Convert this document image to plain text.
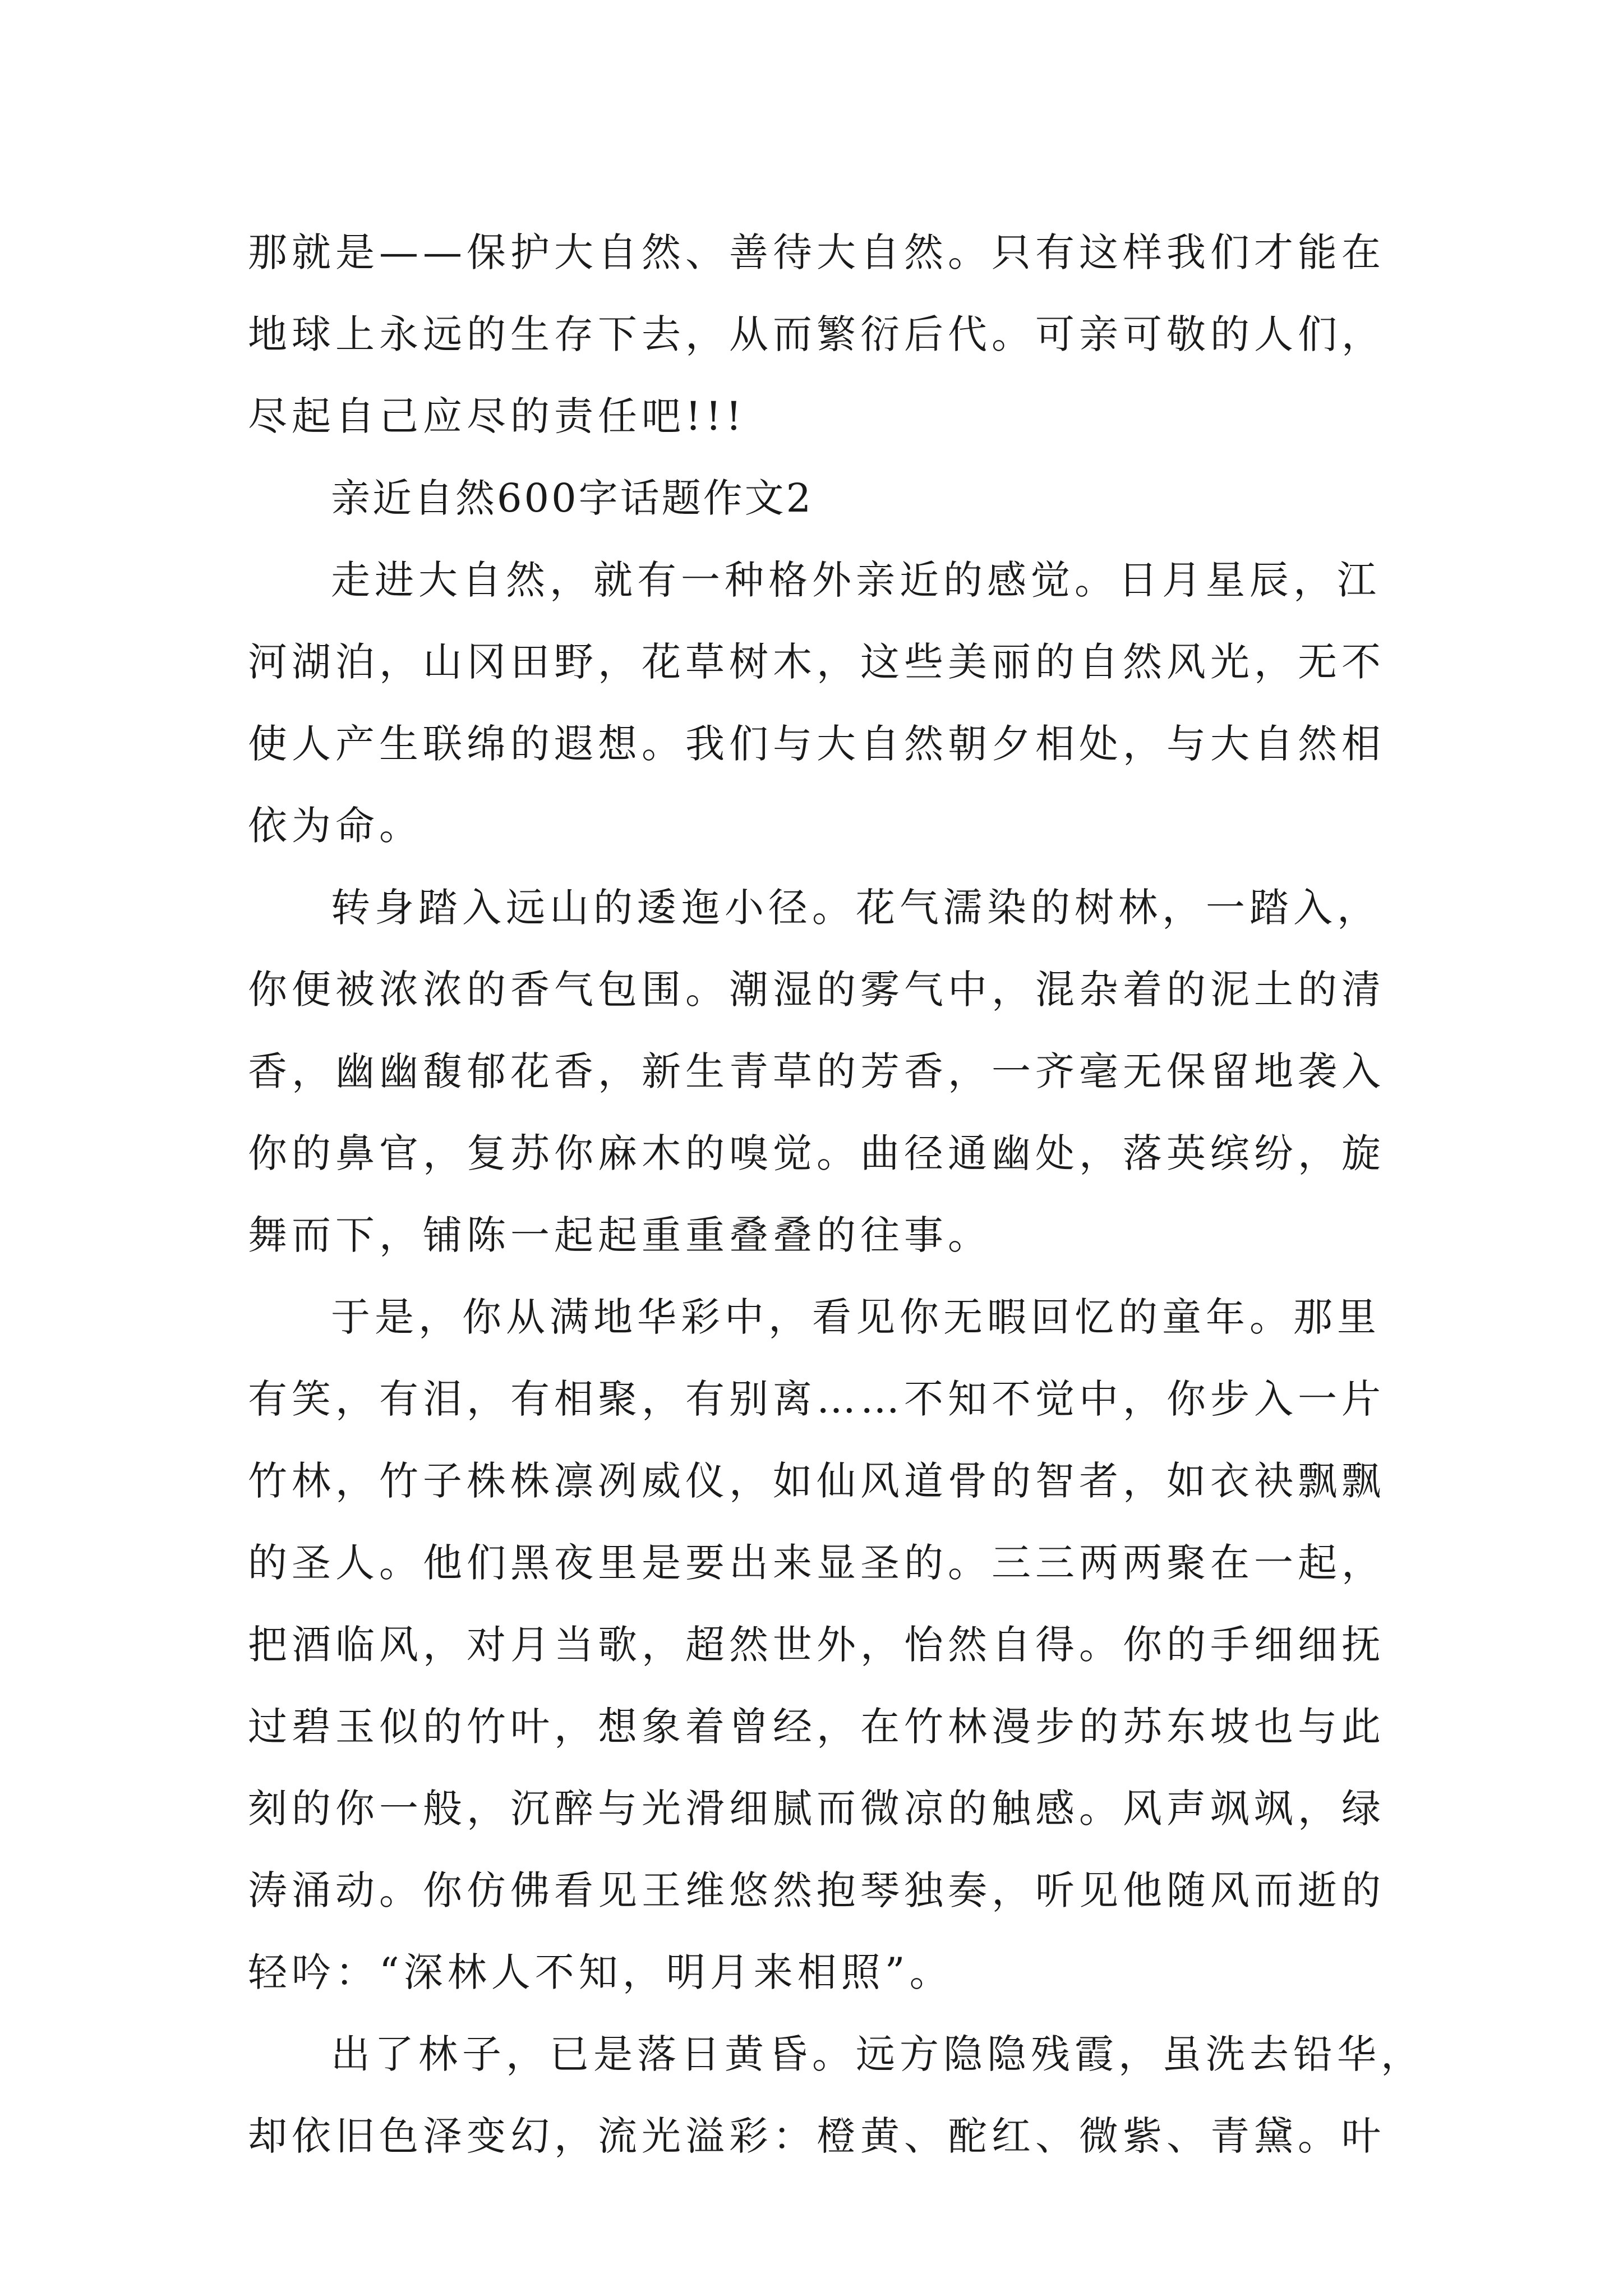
那就是——保护大自然、善待大自然。只有这样我们才能在
地球上永远的生存下去，从而繁衍后代。可亲可敬的人们，
尽起自己应尽的责任吧!!!
亲近自然600字话题作文2
走进大自然，就有一种格外亲近的感觉。日月星辰，江
河湖泊，山冈田野，花草树木，这些美丽的自然风光，无不
使人产生联绵的遐想。我们与大自然朝夕相处，与大自然相
依为命。
转身踏入远山的逶迤小径。花气濡染的树林，一踏入，
你便被浓浓的香气包围。潮湿的雾气中，混杂着的泥土的清
香，幽幽馥郁花香，新生青草的芳香，一齐毫无保留地袭入
你的鼻官，复苏你麻木的嗅觉。曲径通幽处，落英缤纷，旋
舞而下，铺陈一起起重重叠叠的往事。
于是，你从满地华彩中，看见你无暇回忆的童年。那里
有笑，有泪，有相聚，有别离……不知不觉中，你步入一片
竹林，竹子株株凛冽威仪，如仙风道骨的智者，如衣袂飘飘
的圣人。他们黑夜里是要出来显圣的。三三两两聚在一起，
把酒临风，对月当歌，超然世外，怡然自得。你的手细细抚
过碧玉似的竹叶，想象着曾经，在竹林漫步的苏东坡也与此
刻的你一般，沉醉与光滑细腻而微凉的触感。风声飒飒，绿
涛涌动。你仿佛看见王维悠然抱琴独奏，听见他随风而逝的
轻吟：“深林人不知，明月来相照”。
出了林子，已是落日黄昏。远方隐隐残霞，虽洗去铅华，
却依旧色泽变幻，流光溢彩：橙黄、酡红、微紫、青黛。叶
